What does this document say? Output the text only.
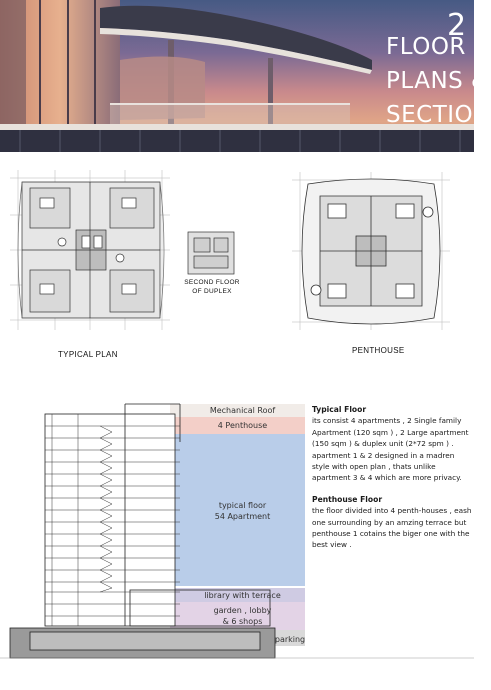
2
FLOOR
PLANS &
SECTION
TYPICAL PLAN
SECOND FLOOR
OF DUPLEX
PENTHOUSE
Mechanical Roof
4 Penthouse
typical floor
54 Apartment
library with terrace
garden , lobby
& 6 shops
parking
Typical Floor

its consist 4 apartments , 2 Single family Apartment (120 sqm ) , 2 Large apartment (150 sqm ) & duplex unit (2*72 spm ) .

apartment 1 & 2 designed in a madren style with open plan , thats unlike apartment 3 & 4 which are more privacy.

Penthouse Floor

the floor divided into 4 penth-houses , eash one surrounding by an amzing terrace but penthouse 1 cotains the biger one with the best view .
